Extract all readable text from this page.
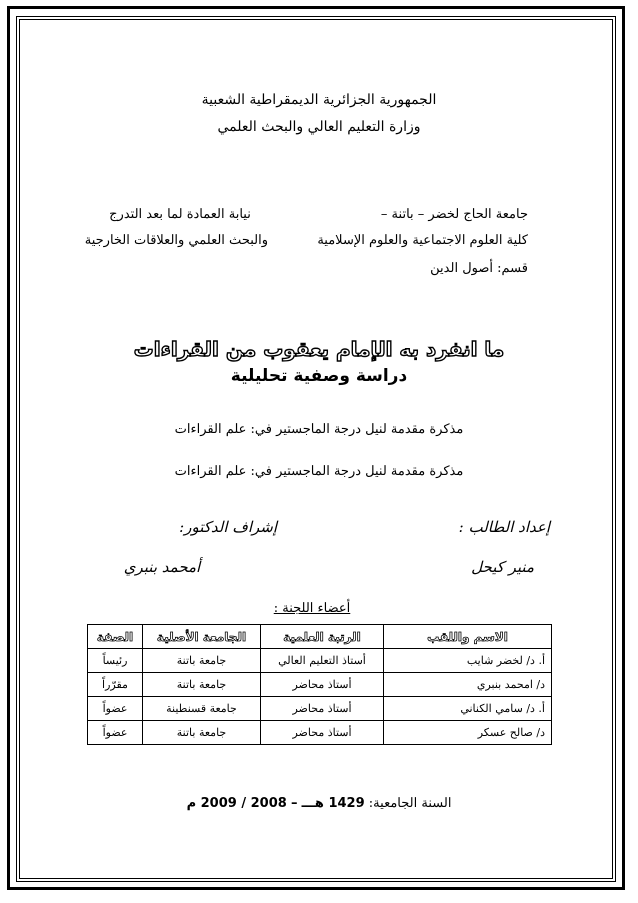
الجمهورية الجزائرية الديمقراطية الشعبية
وزارة التعليم العالي والبحث العلمي
جامعة الحاج لخضر – باتنة –
كلية العلوم الاجتماعية والعلوم الإسلامية
قسم: أصول الدين
نيابة العمادة لما بعد التدرج
والبحث العلمي والعلاقات الخارجية
ما انفرد به الإمام يعقوب من القراءات
دراسة وصفية تحليلية
مذكرة مقدمة لنيل درجة الماجستير في: علم القراءات
مذكرة مقدمة لنيل درجة الماجستير في: علم القراءات
إعداد الطالب :
منير كيحل
إشراف الدكتور:
أمحمد بنبري
أعضاء اللجنة :
الاسم واللقب	الرتبة العلمية	الجامعة الأصلية	الصفة
أ. د/ لخضر شايب	أستاذ التعليم العالي	جامعة باتنة	رئيساً
د/ امحمد بنبري	أستاذ محاضر	جامعة باتنة	مقرّراً
أ. د/ سامي الكناني	أستاذ محاضر	جامعة قسنطينة	عضواً
د/ صالح عسكر	أستاذ محاضر	جامعة باتنة	عضواً
السنة الجامعية: 1429 هـــ – 2008 / 2009 م
